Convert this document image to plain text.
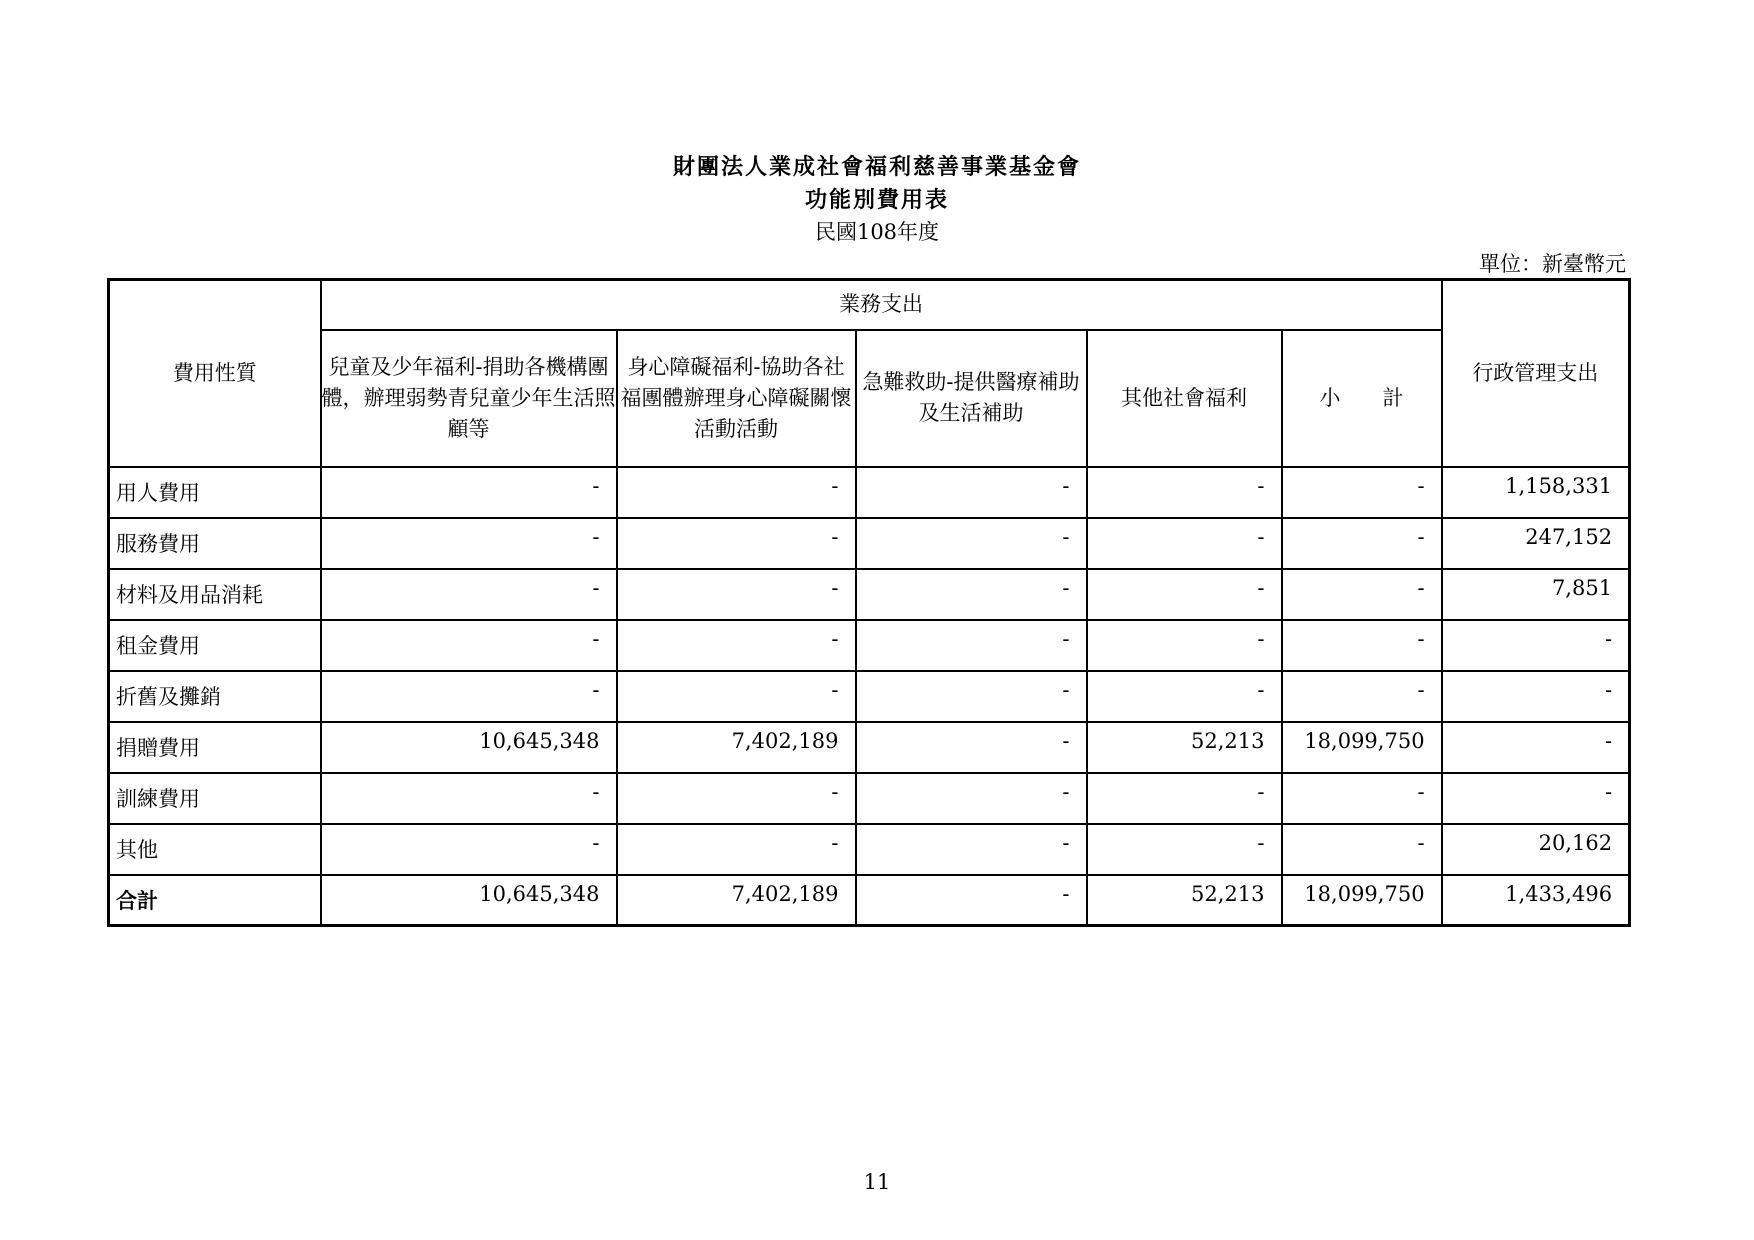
財團法人業成社會福利慈善事業基金會
功能別費用表
民國108年度
單位：新臺幣元
費用性質	業務支出					行政管理支出
	兒童及少年福利-捐助各機構團體，辦理弱勢青兒童少年生活照顧等	身心障礙福利-協助各社福團體辦理身心障礙關懷活動活動	急難救助-提供醫療補助及生活補助	其他社會福利	小　　計	
用人費用	-	-	-	-	-	1,158,331
服務費用	-	-	-	-	-	247,152
材料及用品消耗	-	-	-	-	-	7,851
租金費用	-	-	-	-	-	-
折舊及攤銷	-	-	-	-	-	-
捐贈費用	10,645,348	7,402,189	-	52,213	18,099,750	-
訓練費用	-	-	-	-	-	-
其他	-	-	-	-	-	20,162
合計	10,645,348	7,402,189	-	52,213	18,099,750	1,433,496
11
